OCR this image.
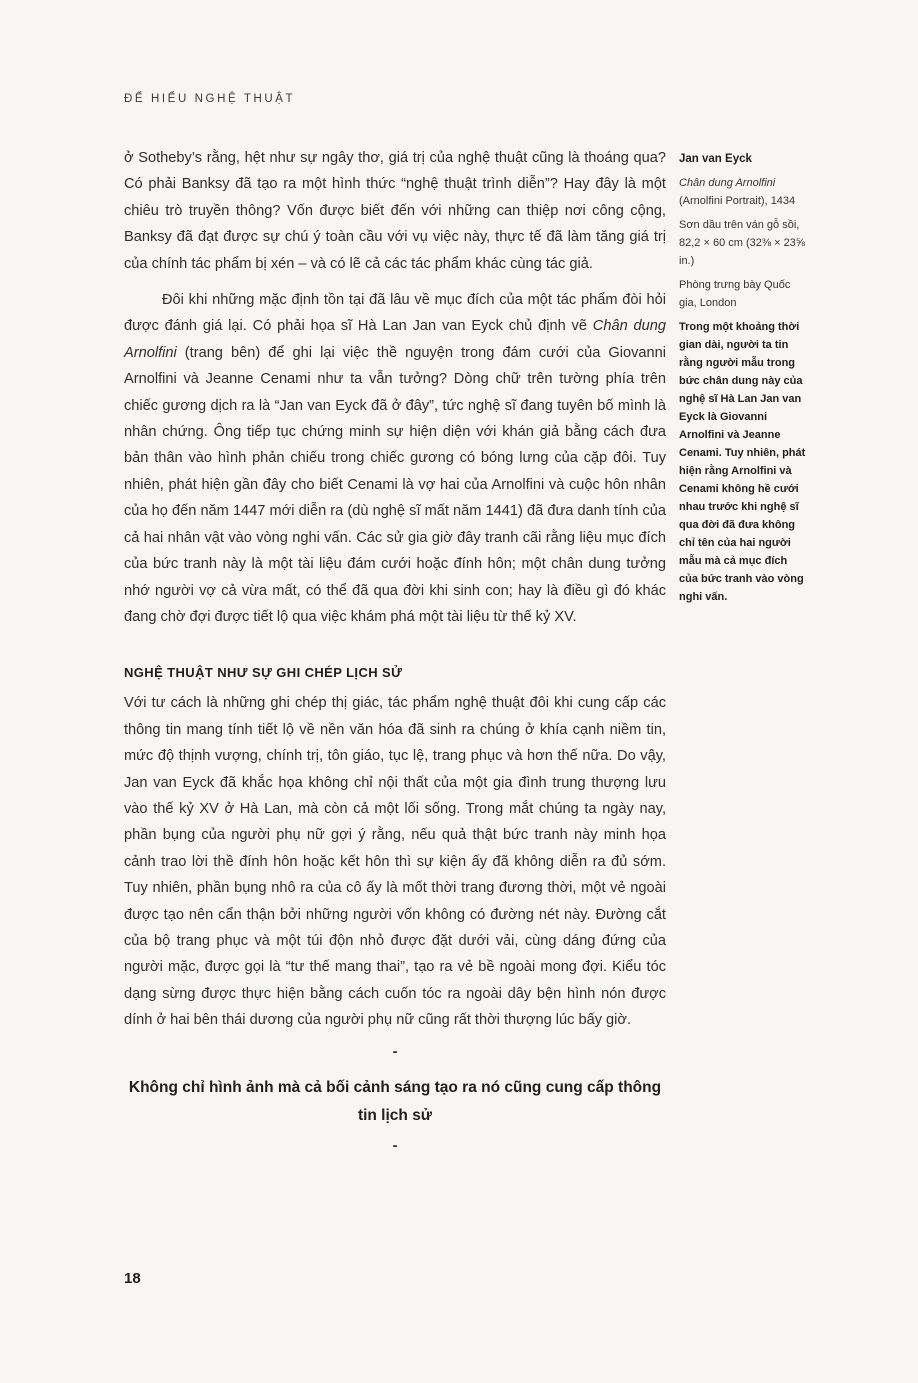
ĐỂ HIỂU NGHỆ THUẬT

ở Sotheby’s rằng, hệt như sự ngây thơ, giá trị của nghệ thuật cũng là thoáng qua? Có phải Banksy đã tạo ra một hình thức “nghệ thuật trình diễn”? Hay đây là một chiêu trò truyền thông? Vốn được biết đến với những can thiệp nơi công cộng, Banksy đã đạt được sự chú ý toàn cầu với vụ việc này, thực tế đã làm tăng giá trị của chính tác phẩm bị xén – và có lẽ cả các tác phẩm khác cùng tác giả.

Đôi khi những mặc định tồn tại đã lâu về mục đích của một tác phẩm đòi hỏi được đánh giá lại. Có phải họa sĩ Hà Lan Jan van Eyck chủ định vẽ Chân dung Arnolfini (trang bên) để ghi lại việc thề nguyện trong đám cưới của Giovanni Arnolfini và Jeanne Cenami như ta vẫn tưởng? Dòng chữ trên tường phía trên chiếc gương dịch ra là “Jan van Eyck đã ở đây”, tức nghệ sĩ đang tuyên bố mình là nhân chứng. Ông tiếp tục chứng minh sự hiện diện với khán giả bằng cách đưa bản thân vào hình phản chiếu trong chiếc gương có bóng lưng của cặp đôi. Tuy nhiên, phát hiện gần đây cho biết Cenami là vợ hai của Arnolfini và cuộc hôn nhân của họ đến năm 1447 mới diễn ra (dù nghệ sĩ mất năm 1441) đã đưa danh tính của cả hai nhân vật vào vòng nghi vấn. Các sử gia giờ đây tranh cãi rằng liệu mục đích của bức tranh này là một tài liệu đám cưới hoặc đính hôn; một chân dung tưởng nhớ người vợ cả vừa mất, có thể đã qua đời khi sinh con; hay là điều gì đó khác đang chờ đợi được tiết lộ qua việc khám phá một tài liệu từ thế kỷ XV.

NGHỆ THUẬT NHƯ SỰ GHI CHÉP LỊCH SỬ

Với tư cách là những ghi chép thị giác, tác phẩm nghệ thuật đôi khi cung cấp các thông tin mang tính tiết lộ về nền văn hóa đã sinh ra chúng ở khía cạnh niềm tin, mức độ thịnh vượng, chính trị, tôn giáo, tục lệ, trang phục và hơn thế nữa. Do vậy, Jan van Eyck đã khắc họa không chỉ nội thất của một gia đình trung thượng lưu vào thế kỷ XV ở Hà Lan, mà còn cả một lối sống. Trong mắt chúng ta ngày nay, phần bụng của người phụ nữ gợi ý rằng, nếu quả thật bức tranh này minh họa cảnh trao lời thề đính hôn hoặc kết hôn thì sự kiện ấy đã không diễn ra đủ sớm. Tuy nhiên, phần bụng nhô ra của cô ấy là mốt thời trang đương thời, một vẻ ngoài được tạo nên cẩn thận bởi những người vốn không có đường nét này. Đường cắt của bộ trang phục và một túi độn nhỏ được đặt dưới vải, cùng dáng đứng của người mặc, được gọi là “tư thế mang thai”, tạo ra vẻ bề ngoài mong đợi. Kiểu tóc dạng sừng được thực hiện bằng cách cuốn tóc ra ngoài dây bện hình nón được dính ở hai bên thái dương của người phụ nữ cũng rất thời thượng lúc bấy giờ.

-
Không chỉ hình ảnh mà cả bối cảnh sáng tạo ra nó cũng cung cấp thông tin lịch sử
-

Jan van Eyck

Chân dung Arnolfini
(Arnolfini Portrait), 1434

Sơn dầu trên ván gỗ sồi, 82,2 × 60 cm (32⅜ × 23⅝ in.)

Phòng trưng bày Quốc gia, London

Trong một khoảng thời gian dài, người ta tin rằng người mẫu trong bức chân dung này của nghệ sĩ Hà Lan Jan van Eyck là Giovanni Arnolfini và Jeanne Cenami. Tuy nhiên, phát hiện rằng Arnolfini và Cenami không hề cưới nhau trước khi nghệ sĩ qua đời đã đưa không chỉ tên của hai người mẫu mà cả mục đích của bức tranh vào vòng nghi vấn.

18
